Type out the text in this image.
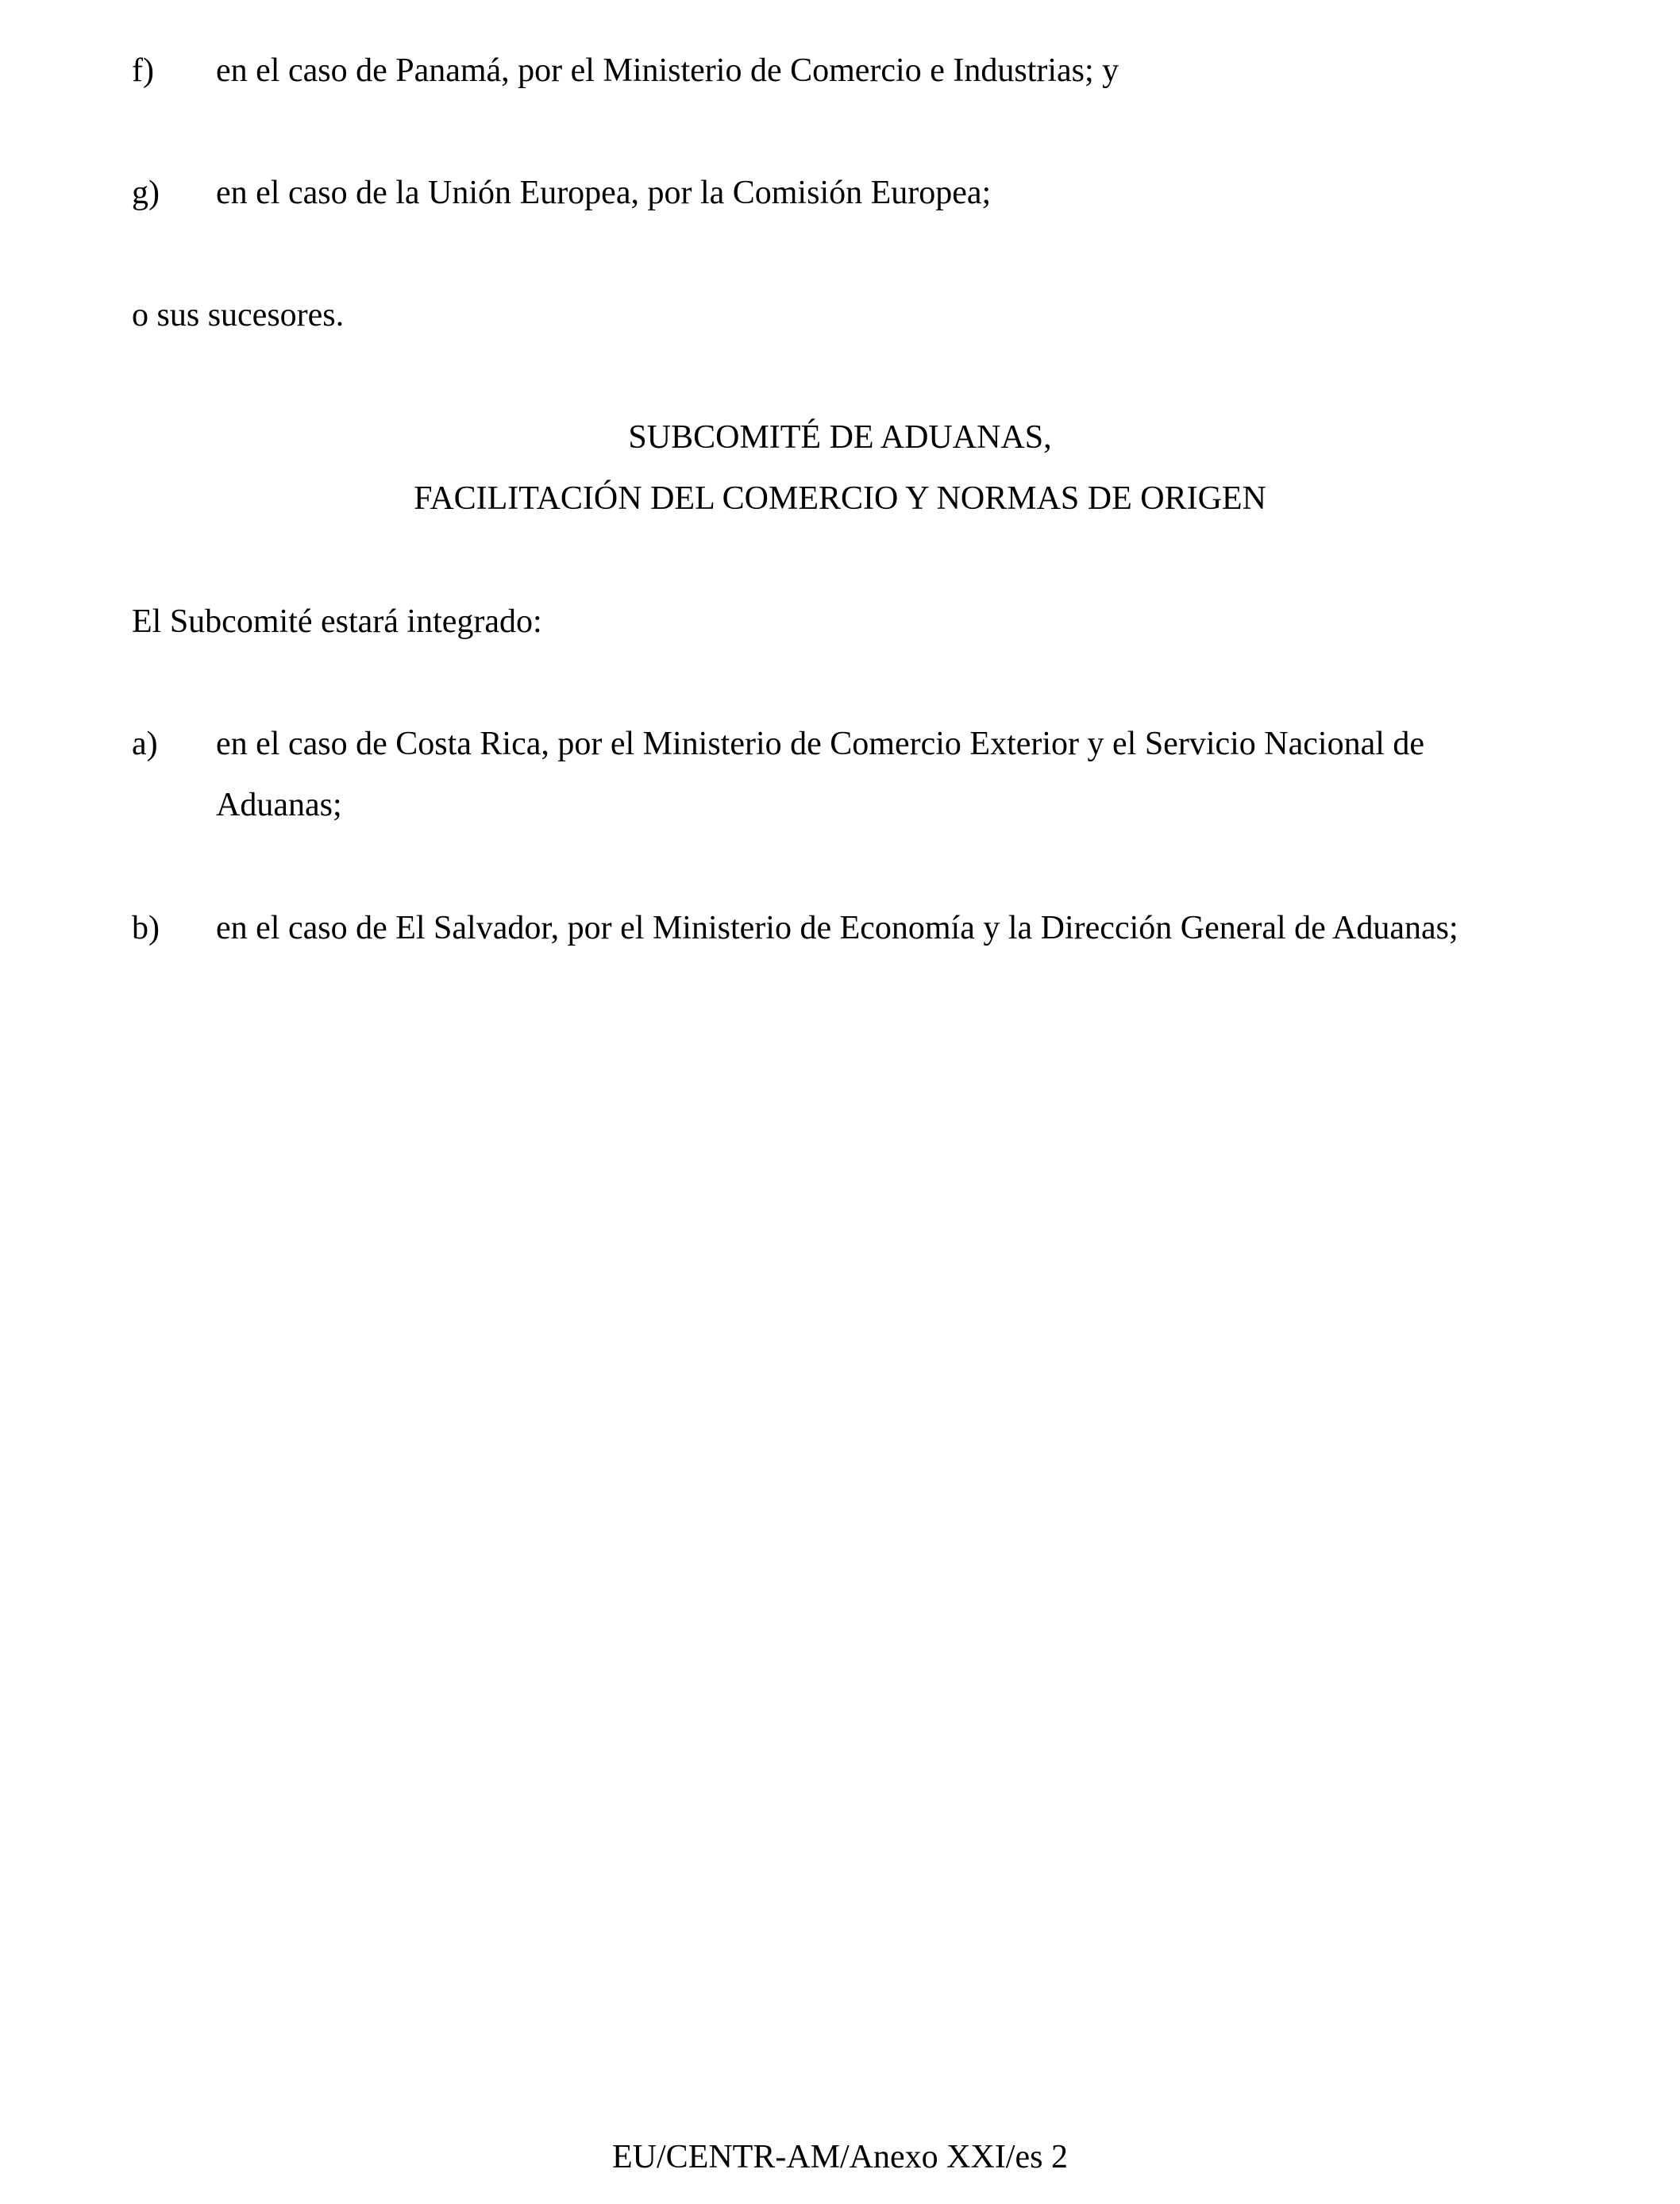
f) en el caso de Panamá, por el Ministerio de Comercio e Industrias; y
g) en el caso de la Unión Europea, por la Comisión Europea;
o sus sucesores.
SUBCOMITÉ DE ADUANAS,
FACILITACIÓN DEL COMERCIO Y NORMAS DE ORIGEN
El Subcomité estará integrado:
a) en el caso de Costa Rica, por el Ministerio de Comercio Exterior y el Servicio Nacional de
Aduanas;
b) en el caso de El Salvador, por el Ministerio de Economía y la Dirección General de Aduanas;
EU/CENTR-AM/Anexo XXI/es 2
